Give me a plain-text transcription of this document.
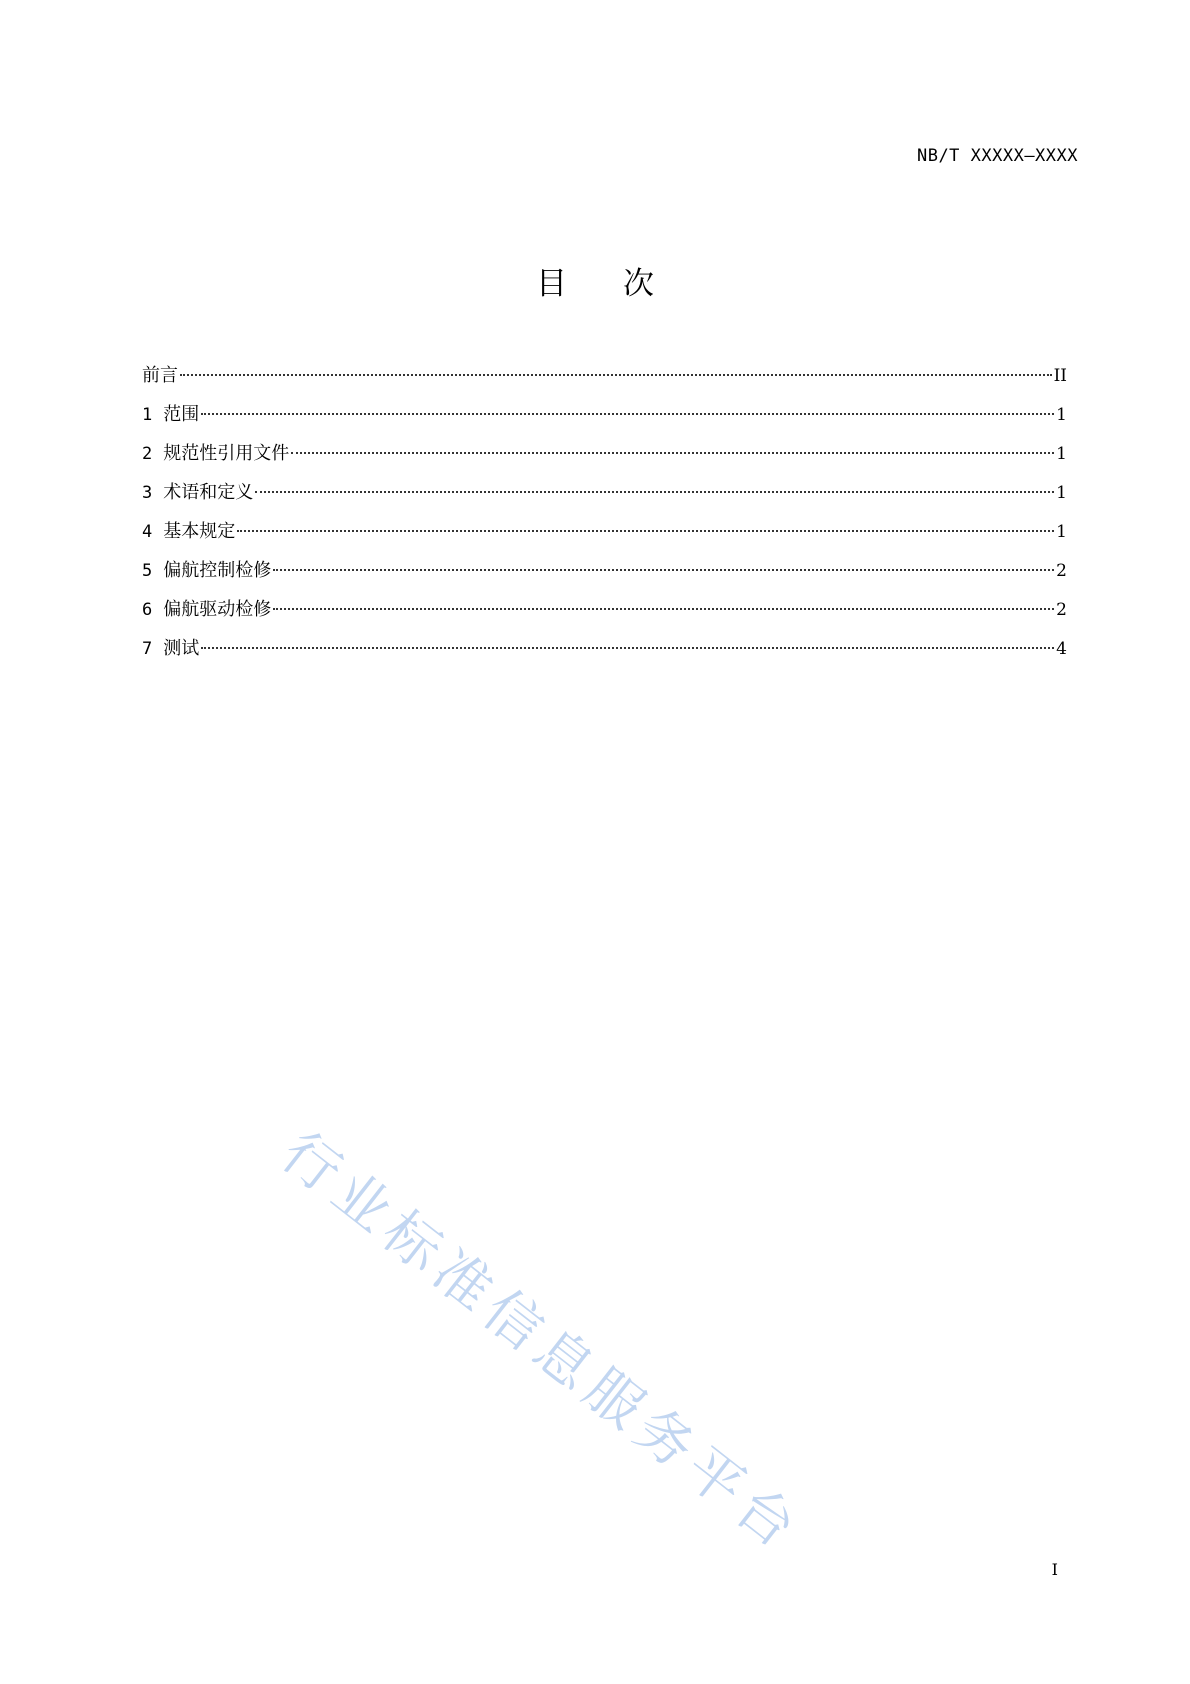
NB/T XXXXX—XXXX
目 次
前言	II
1 范围	1
2 规范性引用文件	1
3 术语和定义	1
4 基本规定	1
5 偏航控制检修	2
6 偏航驱动检修	2
7 测试	4
行业标准信息服务平台
I
